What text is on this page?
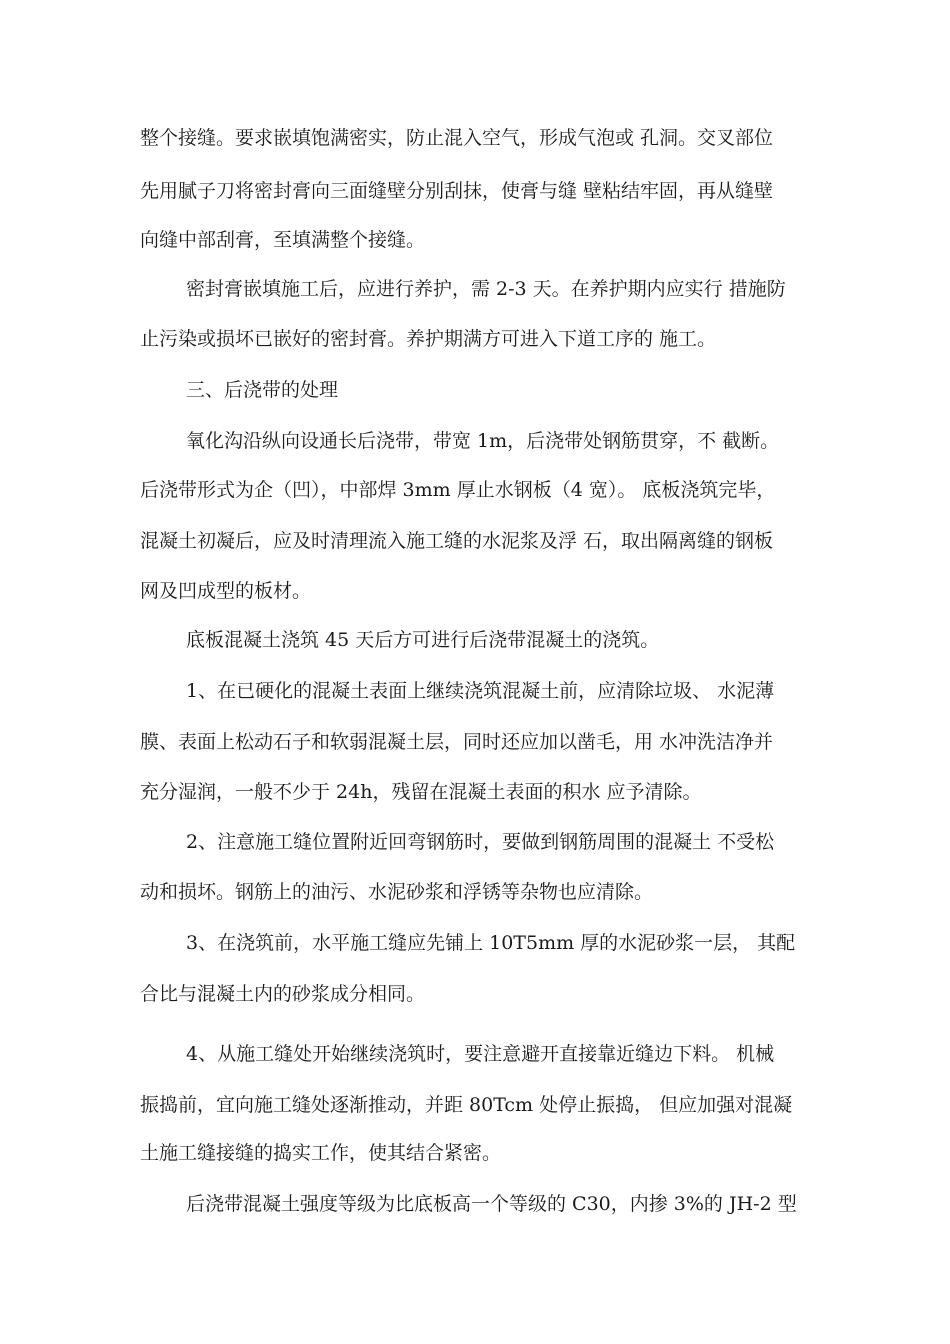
整个接缝。要求嵌填饱满密实，防止混入空气，形成气泡或 孔洞。交叉部位
先用腻子刀将密封膏向三面缝壁分别刮抹，使膏与缝 壁粘结牢固，再从缝壁
向缝中部刮膏，至填满整个接缝。
密封膏嵌填施工后，应进行养护，需 2-3 天。在养护期内应实行 措施防
止污染或损坏已嵌好的密封膏。养护期满方可进入下道工序的 施工。
三、后浇带的处理
氧化沟沿纵向设通长后浇带，带宽 1m，后浇带处钢筋贯穿，不 截断。
后浇带形式为企（凹），中部焊 3mm 厚止水钢板（4 宽）。 底板浇筑完毕，
混凝土初凝后，应及时清理流入施工缝的水泥浆及浮 石，取出隔离缝的钢板
网及凹成型的板材。
底板混凝土浇筑 45 天后方可进行后浇带混凝土的浇筑。
1、在已硬化的混凝土表面上继续浇筑混凝土前，应清除垃圾、 水泥薄
膜、表面上松动石子和软弱混凝土层，同时还应加以凿毛，用 水冲洗洁净并
充分湿润，一般不少于 24h，残留在混凝土表面的积水 应予清除。
2、注意施工缝位置附近回弯钢筋时，要做到钢筋周围的混凝土 不受松
动和损坏。钢筋上的油污、水泥砂浆和浮锈等杂物也应清除。
3、在浇筑前，水平施工缝应先铺上 10T5mm 厚的水泥砂浆一层， 其配
合比与混凝土内的砂浆成分相同。
4、从施工缝处开始继续浇筑时，要注意避开直接靠近缝边下料。 机械
振捣前，宜向施工缝处逐渐推动，并距 80Tcm 处停止振捣， 但应加强对混凝
土施工缝接缝的捣实工作，使其结合紧密。
后浇带混凝土强度等级为比底板高一个等级的 C30，内掺 3%的 JH-2 型
